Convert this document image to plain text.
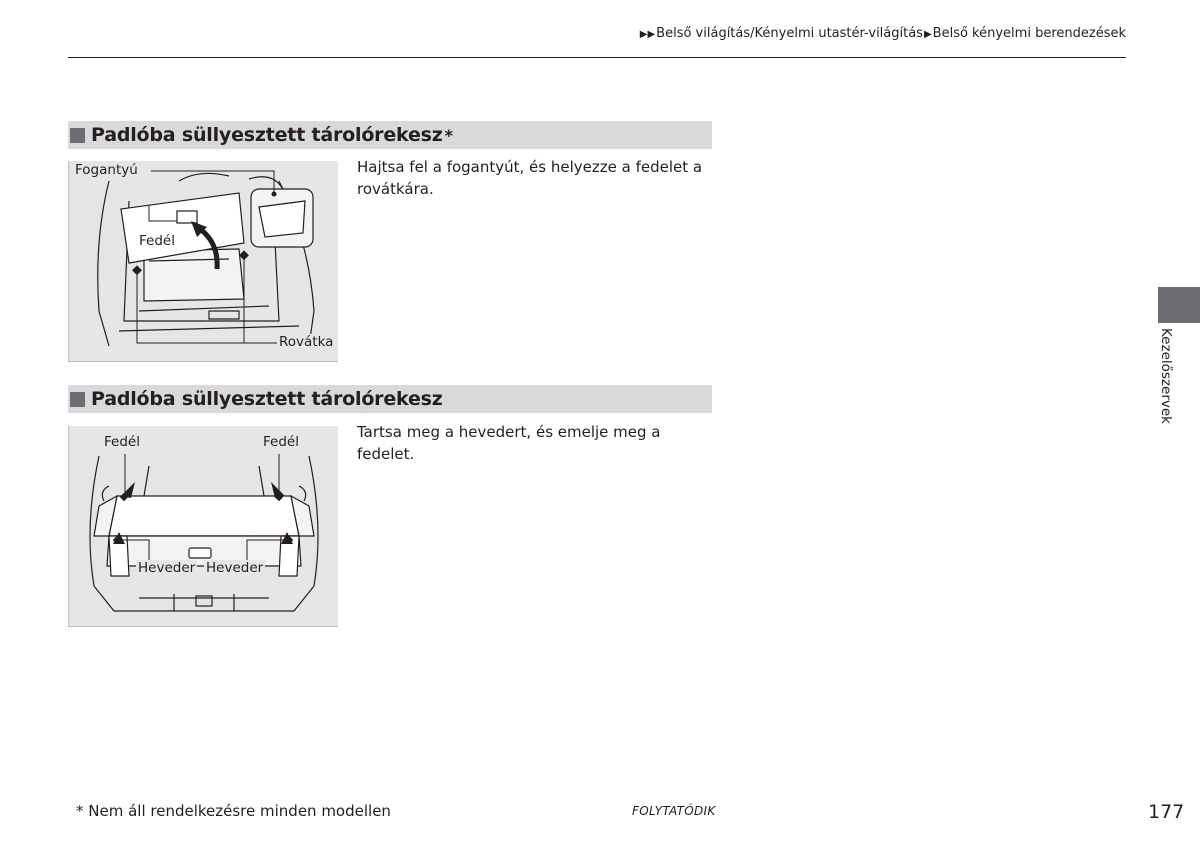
▶▶Belső világítás/Kényelmi utastér-világítás▶Belső kényelmi berendezések
Padlóba süllyesztett tárolórekesz *
Fogantyú
Fedél
Rovátka
Hajtsa fel a fogantyút, és helyezze a fedelet a rovátkára.
Padlóba süllyesztett tárolórekesz
Fedél	Fedél
Heveder Heveder
Tartsa meg a hevedert, és emelje meg a fedelet.
Kezelőszervek
* Nem áll rendelkezésre minden modellen	FOLYTATÓDIK	177
